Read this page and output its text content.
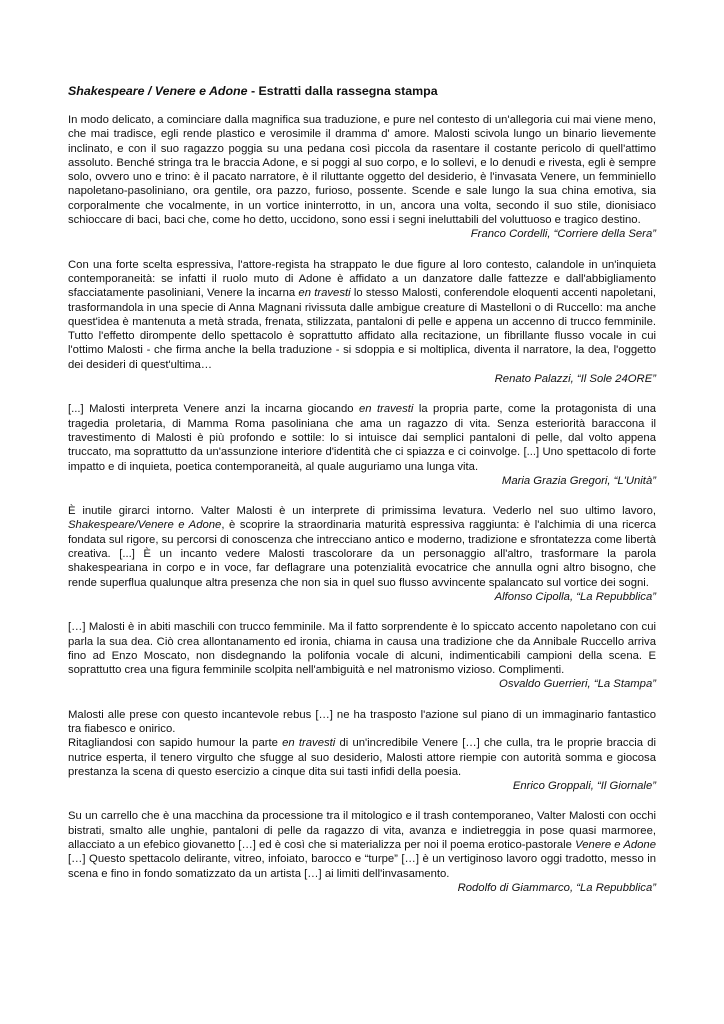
Shakespeare / Venere e Adone - Estratti dalla rassegna stampa

In modo delicato, a cominciare dalla magnifica sua traduzione, e pure nel contesto di un'allegoria cui mai viene meno, che mai tradisce, egli rende plastico e verosimile il dramma d' amore. Malosti scivola lungo un binario lievemente inclinato, e con il suo ragazzo poggia su una pedana così piccola da rasentare il costante pericolo di quell'attimo assoluto. Benché stringa tra le braccia Adone, e si poggi al suo corpo, e lo sollevi, e lo denudi e rivesta, egli è sempre solo, ovvero uno e trino: è il pacato narratore, è il riluttante oggetto del desiderio, è l'invasata Venere, un femminiello napoletano-pasoliniano, ora gentile, ora pazzo, furioso, possente. Scende e sale lungo la sua china emotiva, sia corporalmente che vocalmente, in un vortice ininterrotto, in un, ancora una volta, secondo il suo stile, dionisiaco schioccare di baci, baci che, come ho detto, uccidono, sono essi i segni ineluttabili del voluttuoso e tragico destino.

Franco Cordelli, “Corriere della Sera”

Con una forte scelta espressiva, l'attore-regista ha strappato le due figure al loro contesto, calandole in un'inquieta contemporaneità: se infatti il ruolo muto di Adone è affidato a un danzatore dalle fattezze e dall'abbigliamento sfacciatamente pasoliniani, Venere la incarna en travesti lo stesso Malosti, conferendole eloquenti accenti napoletani, trasformandola in una specie di Anna Magnani rivissuta dalle ambigue creature di Mastelloni o di Ruccello: ma anche quest'idea è mantenuta a metà strada, frenata, stilizzata, pantaloni di pelle e appena un accenno di trucco femminile. Tutto l'effetto dirompente dello spettacolo è soprattutto affidato alla recitazione, un fibrillante flusso vocale in cui l'ottimo Malosti - che firma anche la bella traduzione - si sdoppia e si moltiplica, diventa il narratore, la dea, l'oggetto dei desideri di quest'ultima…

Renato Palazzi, “Il Sole 24ORE”

[...] Malosti interpreta Venere anzi la incarna giocando en travesti la propria parte, come la protagonista di una tragedia proletaria, di Mamma Roma pasoliniana che ama un ragazzo di vita. Senza esteriorità baraccona il travestimento di Malosti è più profondo e sottile: lo si intuisce dai semplici pantaloni di pelle, dal volto appena truccato, ma soprattutto da un'assunzione interiore d'identità che ci spiazza e ci coinvolge. [...] Uno spettacolo di forte impatto e di inquieta, poetica contemporaneità, al quale auguriamo una lunga vita.

Maria Grazia Gregori, “L'Unità”

È inutile girarci intorno. Valter Malosti è un interprete di primissima levatura. Vederlo nel suo ultimo lavoro, Shakespeare/Venere e Adone, è scoprire la straordinaria maturità espressiva raggiunta: è l'alchimia di una ricerca fondata sul rigore, su percorsi di conoscenza che intrecciano antico e moderno, tradizione e sfrontatezza come libertà creativa. [...] È un incanto vedere Malosti trascolorare da un personaggio all'altro, trasformare la parola shakespeariana in corpo e in voce, far deflagrare una potenzialità evocatrice che annulla ogni altro bisogno, che rende superflua qualunque altra presenza che non sia in quel suo flusso avvincente spalancato sul vortice dei sogni.

Alfonso Cipolla, “La Repubblica”

[…] Malosti è in abiti maschili con trucco femminile. Ma il fatto sorprendente è lo spiccato accento napoletano con cui parla la sua dea. Ciò crea allontanamento ed ironia, chiama in causa una tradizione che da Annibale Ruccello arriva fino ad Enzo Moscato, non disdegnando la polifonia vocale di alcuni, indimenticabili campioni della scena. E soprattutto crea una figura femminile scolpita nell'ambiguità e nel matronismo vizioso. Complimenti.

Osvaldo Guerrieri, “La Stampa”

Malosti alle prese con questo incantevole rebus […] ne ha trasposto l'azione sul piano di un immaginario fantastico tra fiabesco e onirico.

Ritagliandosi con sapido humour la parte en travesti di un'incredibile Venere […] che culla, tra le proprie braccia di nutrice esperta, il tenero virgulto che sfugge al suo desiderio, Malosti attore riempie con autorità somma e giocosa prestanza la scena di questo esercizio a cinque dita sui tasti infidi della poesia.

Enrico Groppali, “Il Giornale”

Su un carrello che è una macchina da processione tra il mitologico e il trash contemporaneo, Valter Malosti con occhi bistrati, smalto alle unghie, pantaloni di pelle da ragazzo di vita, avanza e indietreggia in pose quasi marmoree, allacciato a un efebico giovanetto […] ed è così che si materializza per noi il poema erotico-pastorale Venere e Adone […] Questo spettacolo delirante, vitreo, infoiato, barocco e “turpe” […] è un vertiginoso lavoro oggi tradotto, messo in scena e fino in fondo somatizzato da un artista […] ai limiti dell'invasamento.

Rodolfo di Giammarco, “La Repubblica”
